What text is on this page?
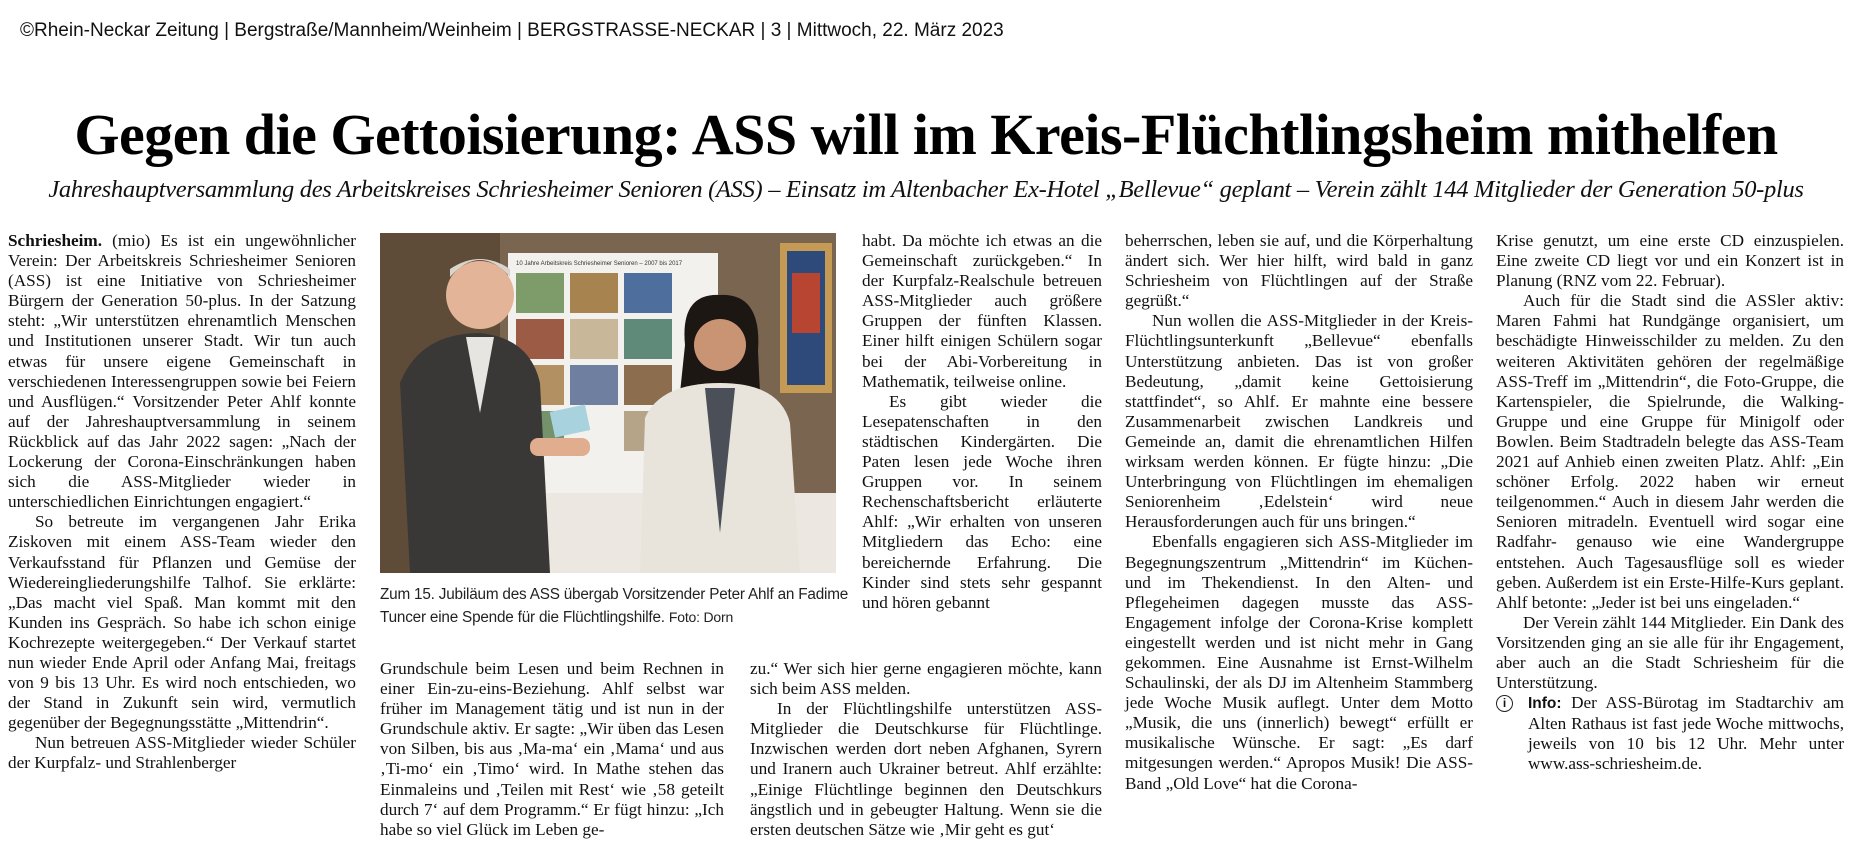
©Rhein-Neckar Zeitung | Bergstraße/Mannheim/Weinheim | BERGSTRASSE-NECKAR | 3 | Mittwoch, 22. März 2023
Gegen die Gettoisierung: ASS will im Kreis-Flüchtlingsheim mithelfen
Jahreshauptversammlung des Arbeitskreises Schriesheimer Senioren (ASS) – Einsatz im Altenbacher Ex-Hotel „Bellevue“ geplant – Verein zählt 144 Mitglieder der Generation 50-plus

Schriesheim. (mio) Es ist ein ungewöhnlicher Verein: Der Arbeitskreis Schriesheimer Senioren (ASS) ist eine Initiative von Schriesheimer Bürgern der Generation 50-plus. In der Satzung steht: „Wir unterstützen ehrenamtlich Menschen und Institutionen unserer Stadt. Wir tun auch etwas für unsere eigene Gemeinschaft in verschiedenen Interessengruppen sowie bei Feiern und Ausflügen.“ Vorsitzender Peter Ahlf konnte auf der Jahreshauptversammlung in seinem Rückblick auf das Jahr 2022 sagen: „Nach der Lockerung der Corona-Einschränkungen haben sich die ASS-Mitglieder wieder in unterschiedlichen Einrichtungen engagiert.“

So betreute im vergangenen Jahr Erika Ziskoven mit einem ASS-Team wieder den Verkaufsstand für Pflanzen und Gemüse der Wiedereingliederungshilfe Talhof. Sie erklärte: „Das macht viel Spaß. Man kommt mit den Kunden ins Gespräch. So habe ich schon einige Kochrezepte weitergegeben.“ Der Verkauf startet nun wieder Ende April oder Anfang Mai, freitags von 9 bis 13 Uhr. Es wird noch entschieden, wo der Stand in Zukunft sein wird, vermutlich gegenüber der Begegnungsstätte „Mittendrin“.

Nun betreuen ASS-Mitglieder wieder Schüler der Kurpfalz- und Strahlenberger

10 Jahre Arbeitskreis Schriesheimer Senioren – 2007 bis 2017
Zum 15. Jubiläum des ASS übergab Vorsitzender Peter Ahlf an Fadime Tuncer eine Spende für die Flüchtlingshilfe. Foto: Dorn

Grundschule beim Lesen und beim Rechnen in einer Ein-zu-eins-Beziehung. Ahlf selbst war früher im Management tätig und ist nun in der Grundschule aktiv. Er sagte: „Wir üben das Lesen von Silben, bis aus ‚Ma-ma‘ ein ‚Mama‘ und aus ‚Ti-mo‘ ein ‚Timo‘ wird. In Mathe stehen das Einmaleins und ‚Teilen mit Rest‘ wie ‚58 geteilt durch 7‘ auf dem Programm.“ Er fügt hinzu: „Ich habe so viel Glück im Leben ge-

habt. Da möchte ich etwas an die Gemeinschaft zurückgeben.“ In der Kurpfalz-Realschule betreuen ASS-Mitglieder auch größere Gruppen der fünften Klassen. Einer hilft einigen Schülern sogar bei der Abi-Vorbereitung in Mathematik, teilweise online.

Es gibt wieder die Lesepatenschaften in den städtischen Kindergärten. Die Paten lesen jede Woche ihren Gruppen vor. In seinem Rechenschaftsbericht erläuterte Ahlf: „Wir erhalten von unseren Mitgliedern das Echo: eine bereichernde Erfahrung. Die Kinder sind stets sehr gespannt und hören gebannt

zu.“ Wer sich hier gerne engagieren möchte, kann sich beim ASS melden.

In der Flüchtlingshilfe unterstützen ASS-Mitglieder die Deutschkurse für Flüchtlinge. Inzwischen werden dort neben Afghanen, Syrern und Iranern auch Ukrainer betreut. Ahlf erzählte: „Einige Flüchtlinge beginnen den Deutschkurs ängstlich und in gebeugter Haltung. Wenn sie die ersten deutschen Sätze wie ‚Mir geht es gut‘

beherrschen, leben sie auf, und die Körperhaltung ändert sich. Wer hier hilft, wird bald in ganz Schriesheim von Flüchtlingen auf der Straße gegrüßt.“

Nun wollen die ASS-Mitglieder in der Kreis-Flüchtlingsunterkunft „Bellevue“ ebenfalls Unterstützung anbieten. Das ist von großer Bedeutung, „damit keine Gettoisierung stattfindet“, so Ahlf. Er mahnte eine bessere Zusammenarbeit zwischen Landkreis und Gemeinde an, damit die ehrenamtlichen Hilfen wirksam werden können. Er fügte hinzu: „Die Unterbringung von Flüchtlingen im ehemaligen Seniorenheim ‚Edelstein‘ wird neue Herausforderungen auch für uns bringen.“

Ebenfalls engagieren sich ASS-Mitglieder im Begegnungszentrum „Mittendrin“ im Küchen- und im Thekendienst. In den Alten- und Pflegeheimen dagegen musste das ASS-Engagement infolge der Corona-Krise komplett eingestellt werden und ist nicht mehr in Gang gekommen. Eine Ausnahme ist Ernst-Wilhelm Schaulinski, der als DJ im Altenheim Stammberg jede Woche Musik auflegt. Unter dem Motto „Musik, die uns (innerlich) bewegt“ erfüllt er musikalische Wünsche. Er sagt: „Es darf mitgesungen werden.“ Apropos Musik! Die ASS-Band „Old Love“ hat die Corona-

Krise genutzt, um eine erste CD einzuspielen. Eine zweite CD liegt vor und ein Konzert ist in Planung (RNZ vom 22. Februar).

Auch für die Stadt sind die ASSler aktiv: Maren Fahmi hat Rundgänge organisiert, um beschädigte Hinweisschilder zu melden. Zu den weiteren Aktivitäten gehören der regelmäßige ASS-Treff im „Mittendrin“, die Foto-Gruppe, die Kartenspieler, die Spielrunde, die Walking-Gruppe und eine Gruppe für Minigolf oder Bowlen. Beim Stadtradeln belegte das ASS-Team 2021 auf Anhieb einen zweiten Platz. Ahlf: „Ein schöner Erfolg. 2022 haben wir erneut teilgenommen.“ Auch in diesem Jahr werden die Senioren mitradeln. Eventuell wird sogar eine Radfahr- genauso wie eine Wandergruppe entstehen. Auch Tagesausflüge soll es wieder geben. Außerdem ist ein Erste-Hilfe-Kurs geplant. Ahlf betonte: „Jeder ist bei uns eingeladen.“

Der Verein zählt 144 Mitglieder. Ein Dank des Vorsitzenden ging an sie alle für ihr Engagement, aber auch an die Stadt Schriesheim für die Unterstützung.

i	Info: Der ASS-Bürotag im Stadtarchiv am Alten Rathaus ist fast jede Woche mittwochs, jeweils von 10 bis 12 Uhr. Mehr unter www.ass-schriesheim.de.
